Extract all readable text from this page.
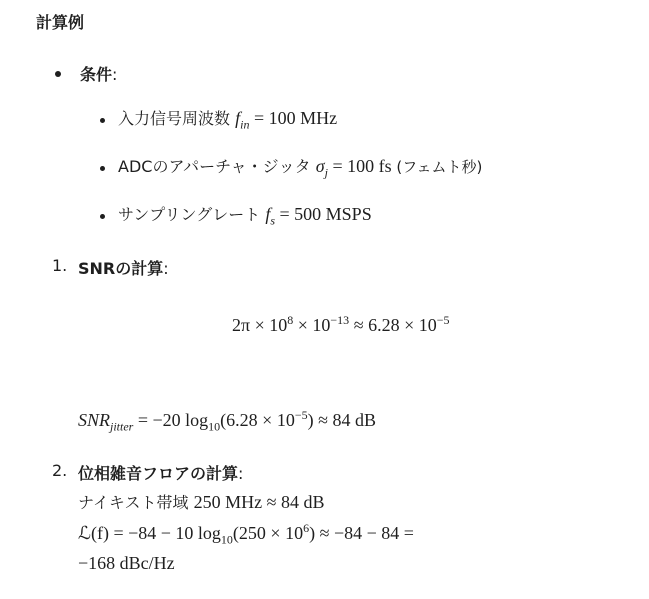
計算例
条件:
入力信号周波数 $f_{in} = 100$ MHz
ADCのアパーチャ・ジッタ $\sigma_j = 100$ fs (フェムト秒)
サンプリングレート $f_s = 500$ MSPS
1. SNRの計算:
$2\pi \times 10^8 \times 10^{-13} \approx 6.28 \times 10^{-5}$
$SNR_{jitter} = -20$ $\log_{10}(6.28 \times 10^{-5}) \approx 84$ dB
2. 位相雑音フロアの計算:
ナイキスト帯域 250 MHz ≈ 84 dB
ℒ(f) = −84 − 10 $\log_{10}(250 \times 10^6) \approx -84 - 84$ =
−168 dBc/Hz
